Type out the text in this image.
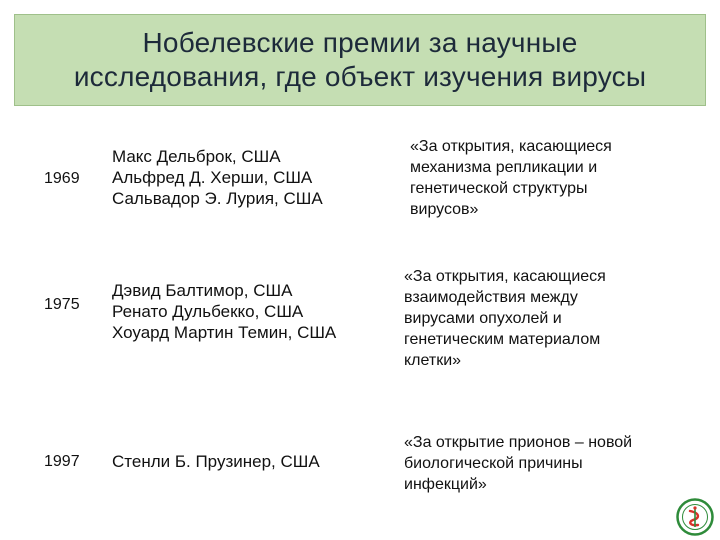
Нобелевские премии за научные
исследования, где объект изучения вирусы
1969
Макс Дельброк, США
Альфред Д. Херши, США
Сальвадор Э. Лурия, США
«За открытия, касающиеся
механизма репликации и
генетической структуры
вирусов»
1975
Дэвид Балтимор, США
Ренато Дульбекко, США
Хоуард Мартин Темин, США
«За открытия, касающиеся
взаимодействия между
вирусами опухолей и
генетическим материалом
клетки»
1997 Стенли Б. Прузинер, США
«За открытие прионов – новой
биологической причины
инфекций»
